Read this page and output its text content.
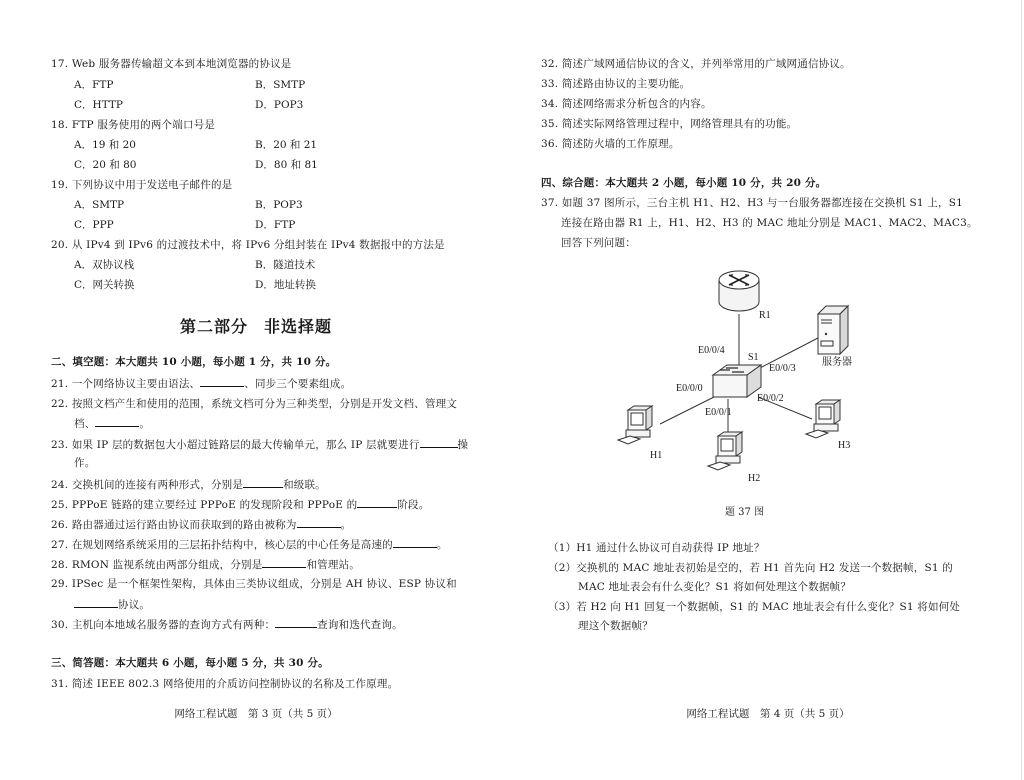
17. Web 服务器传输超文本到本地浏览器的协议是
A．FTP	B．SMTP
C．HTTP	D．POP3
18. FTP 服务使用的两个端口号是
A．19 和 20	B．20 和 21
C．20 和 80	D．80 和 81
19. 下列协议中用于发送电子邮件的是
A．SMTP	B．POP3
C．PPP	D．FTP
20. 从 IPv4 到 IPv6 的过渡技术中，将 IPv6 分组封装在 IPv4 数据报中的方法是
A．双协议栈	B．隧道技术
C．网关转换	D．地址转换
第二部分 非选择题
二、填空题：本大题共 10 小题，每小题 1 分，共 10 分。
21. 一个网络协议主要由语法、	、同步三个要素组成。
22. 按照文档产生和使用的范围，系统文档可分为三种类型，分别是开发文档、管理文
档、	。
23. 如果 IP 层的数据包大小超过链路层的最大传输单元，那么 IP 层就要进行	操
作。
24. 交换机间的连接有两种形式，分别是	和级联。
25. PPPoE 链路的建立要经过 PPPoE 的发现阶段和 PPPoE 的	阶段。
26. 路由器通过运行路由协议而获取到的路由被称为	。
27. 在规划网络系统采用的三层拓扑结构中，核心层的中心任务是高速的	。
28. RMON 监视系统由两部分组成，分别是	和管理站。
29. IPSec 是一个框架性架构，具体由三类协议组成，分别是 AH 协议、ESP 协议和
协议。
30. 主机向本地域名服务器的查询方式有两种：	查询和迭代查询。
三、简答题：本大题共 6 小题，每小题 5 分，共 30 分。
31. 简述 IEEE 802.3 网络使用的介质访问控制协议的名称及工作原理。
网络工程试题　第 3 页（共 5 页）
32. 简述广域网通信协议的含义，并列举常用的广域网通信协议。
33. 简述路由协议的主要功能。
34. 简述网络需求分析包含的内容。
35. 简述实际网络管理过程中，网络管理具有的功能。
36. 简述防火墙的工作原理。
四、综合题：本大题共 2 小题，每小题 10 分，共 20 分。
37. 如题 37 图所示，三台主机 H1、H2、H3 与一台服务器都连接在交换机 S1 上，S1
连接在路由器 R1 上，H1、H2、H3 的 MAC 地址分别是 MAC1、MAC2、MAC3。
回答下列问题：
（1）H1 通过什么协议可自动获得 IP 地址？
（2）交换机的 MAC 地址表初始是空的，若 H1 首先向 H2 发送一个数据帧，S1 的
MAC 地址表会有什么变化？S1 将如何处理这个数据帧？
（3）若 H2 向 H1 回复一个数据帧，S1 的 MAC 地址表会有什么变化？S1 将如何处
理这个数据帧？
网络工程试题　第 4 页（共 5 页）
R1
S1	服务器
E0/0/4
E0/0/3
E0/0/0
E0/0/1
E0/0/2
H1
H2
H3
题 37 图
